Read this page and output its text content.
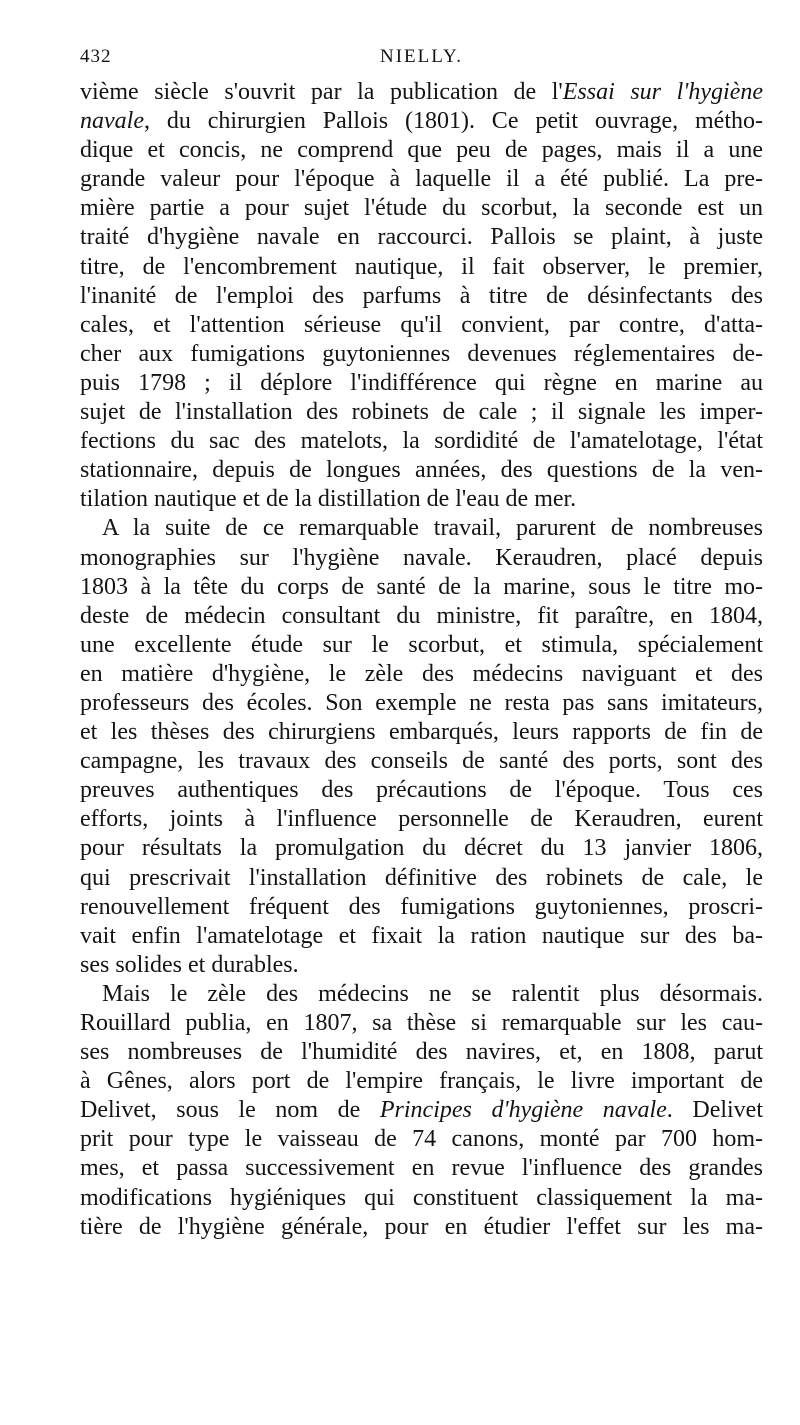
432	NIELLY.
vième siècle s'ouvrit par la publication de l'Essai sur l'hygiène
navale, du chirurgien Pallois (1801). Ce petit ouvrage, métho-
dique et concis, ne comprend que peu de pages, mais il a une
grande valeur pour l'époque à laquelle il a été publié. La pre-
mière partie a pour sujet l'étude du scorbut, la seconde est un
traité d'hygiène navale en raccourci. Pallois se plaint, à juste
titre, de l'encombrement nautique, il fait observer, le premier,
l'inanité de l'emploi des parfums à titre de désinfectants des
cales, et l'attention sérieuse qu'il convient, par contre, d'atta-
cher aux fumigations guytoniennes devenues réglementaires de-
puis 1798 ; il déplore l'indifférence qui règne en marine au
sujet de l'installation des robinets de cale ; il signale les imper-
fections du sac des matelots, la sordidité de l'amatelotage, l'état
stationnaire, depuis de longues années, des questions de la ven-
tilation nautique et de la distillation de l'eau de mer.
A la suite de ce remarquable travail, parurent de nombreuses
monographies sur l'hygiène navale. Keraudren, placé depuis
1803 à la tête du corps de santé de la marine, sous le titre mo-
deste de médecin consultant du ministre, fit paraître, en 1804,
une excellente étude sur le scorbut, et stimula, spécialement
en matière d'hygiène, le zèle des médecins naviguant et des
professeurs des écoles. Son exemple ne resta pas sans imitateurs,
et les thèses des chirurgiens embarqués, leurs rapports de fin de
campagne, les travaux des conseils de santé des ports, sont des
preuves authentiques des précautions de l'époque. Tous ces
efforts, joints à l'influence personnelle de Keraudren, eurent
pour résultats la promulgation du décret du 13 janvier 1806,
qui prescrivait l'installation définitive des robinets de cale, le
renouvellement fréquent des fumigations guytoniennes, proscri-
vait enfin l'amatelotage et fixait la ration nautique sur des ba-
ses solides et durables.
Mais le zèle des médecins ne se ralentit plus désormais.
Rouillard publia, en 1807, sa thèse si remarquable sur les cau-
ses nombreuses de l'humidité des navires, et, en 1808, parut
à Gênes, alors port de l'empire français, le livre important de
Delivet, sous le nom de Principes d'hygiène navale. Delivet
prit pour type le vaisseau de 74 canons, monté par 700 hom-
mes, et passa successivement en revue l'influence des grandes
modifications hygiéniques qui constituent classiquement la ma-
tière de l'hygiène générale, pour en étudier l'effet sur les ma-
